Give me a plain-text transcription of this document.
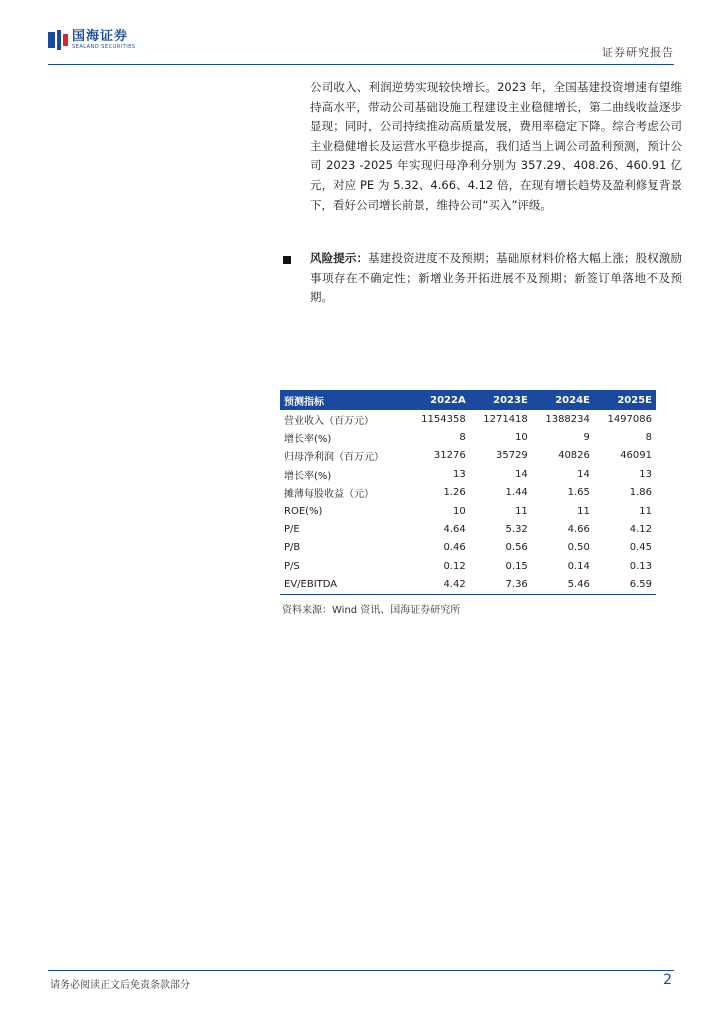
国海证券
SEALAND SECURITIES	证券研究报告

公司收入、利润逆势实现较快增长。2023 年，全国基建投资增速有望维持高水平，带动公司基础设施工程建设主业稳健增长，第二曲线收益逐步显现；同时，公司持续推动高质量发展，费用率稳定下降。综合考虑公司主业稳健增长及运营水平稳步提高，我们适当上调公司盈利预测，预计公司 2023 -2025 年实现归母净利分别为 357.29、408.26、460.91 亿元，对应 PE 为 5.32、4.66、4.12 倍，在现有增长趋势及盈利修复背景下，看好公司增长前景，维持公司“买入”评级。

风险提示：基建投资进度不及预期；基础原材料价格大幅上涨；股权激励事项存在不确定性；新增业务开拓进展不及预期；新签订单落地不及预期。

预测指标	2022A	2023E	2024E	2025E
营业收入（百万元）	1154358	1271418	1388234	1497086
增长率(%)	8	10	9	8
归母净利润（百万元）	31276	35729	40826	46091
增长率(%)	13	14	14	13
摊薄每股收益（元）	1.26	1.44	1.65	1.86
ROE(%)	10	11	11	11
P/E	4.64	5.32	4.66	4.12
P/B	0.46	0.56	0.50	0.45
P/S	0.12	0.15	0.14	0.13
EV/EBITDA	4.42	7.36	5.46	6.59
资料来源：Wind 资讯、国海证券研究所
请务必阅读正文后免责条款部分	2
